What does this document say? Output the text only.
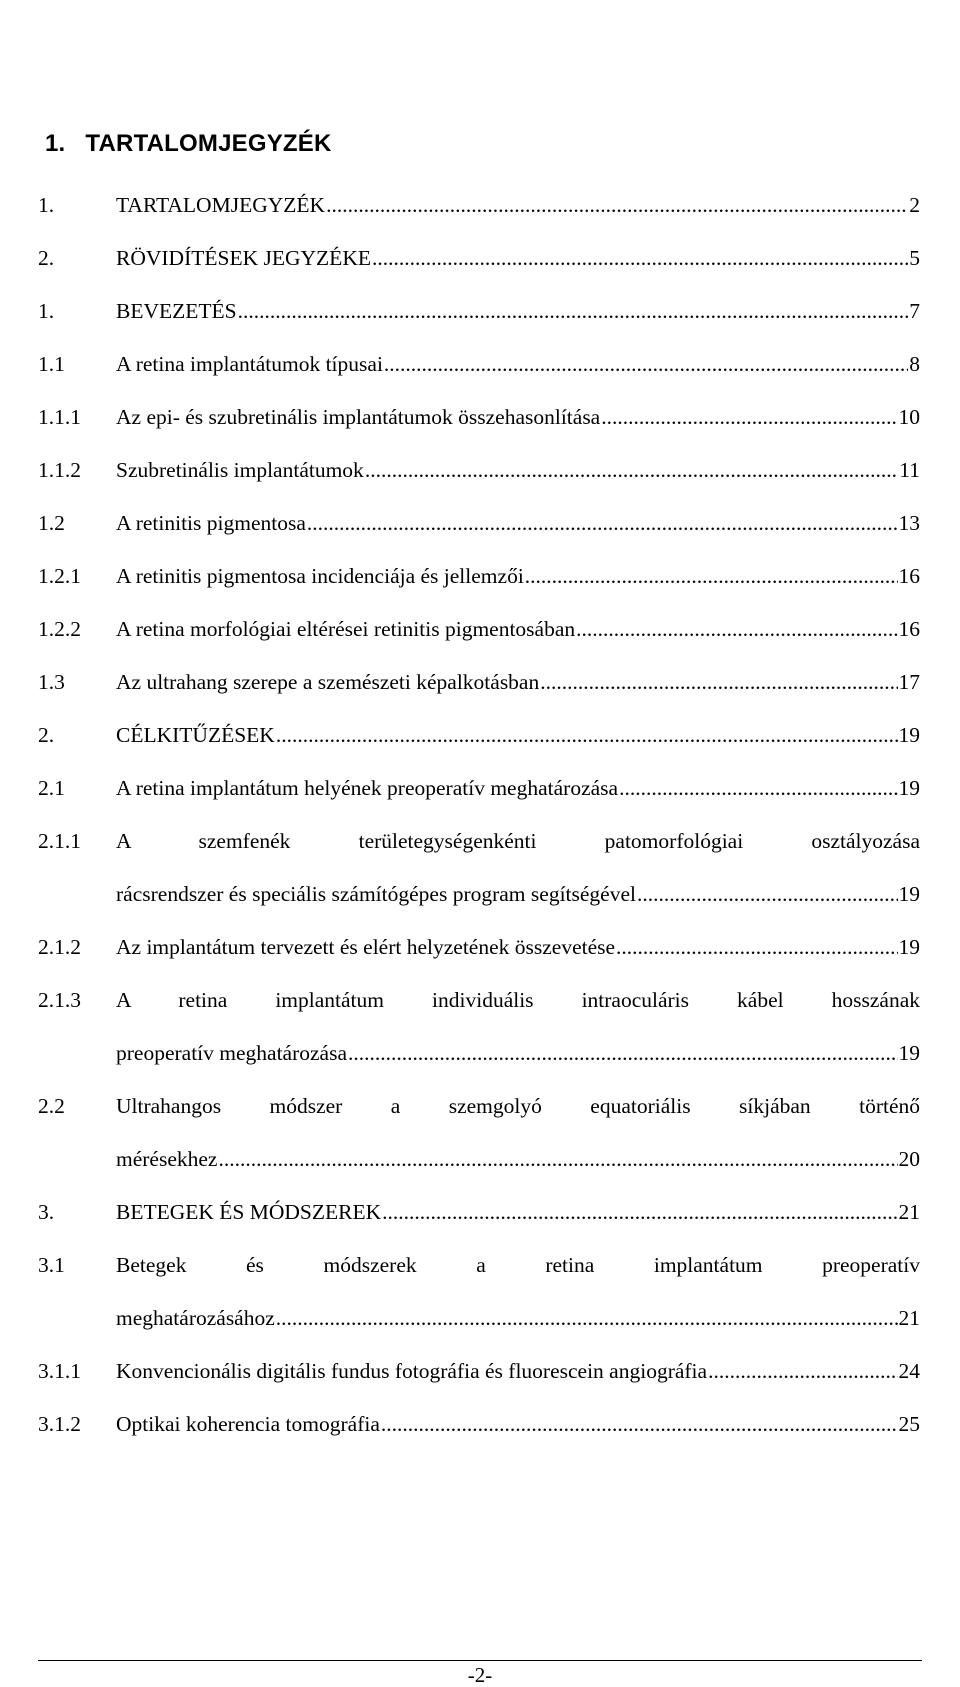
1. TARTALOMJEGYZÉK
1.	TARTALOMJEGYZÉK .....	2
2.	RÖVIDÍTÉSEK JEGYZÉKE .....	5
1.	BEVEZETÉS .....	7
1.1	A retina implantátumok típusai .....	8
1.1.1	Az epi- és szubretinális implantátumok összehasonlítása .....	10
1.1.2	Szubretinális implantátumok .....	11
1.2	A retinitis pigmentosa .....	13
1.2.1	A retinitis pigmentosa incidenciája és jellemzői .....	16
1.2.2	A retina morfológiai eltérései retinitis pigmentosában .....	16
1.3	Az ultrahang szerepe a szemészeti képalkotásban .....	17
2.	CÉLKITŰZÉSEK .....	19
2.1	A retina implantátum helyének preoperatív meghatározása .....	19
2.1.1	A szemfenék területegységenkénti patomorfológiai osztályozása
rácsrendszer és speciális számítógépes program segítségével .....	19
2.1.2	Az implantátum tervezett és elért helyzetének összevetése .....	19
2.1.3	A retina implantátum individuális intraoculáris kábel hosszának
preoperatív meghatározása .....	19
2.2	Ultrahangos módszer a szemgolyó equatoriális síkjában történő
mérésekhez .....	20
3.	BETEGEK ÉS MÓDSZEREK .....	21
3.1	Betegek és módszerek a retina implantátum preoperatív
meghatározásához .....	21
3.1.1	Konvencionális digitális fundus fotográfia és fluorescein angiográfia .....	24
3.1.2	Optikai koherencia tomográfia .....	25
-2-
